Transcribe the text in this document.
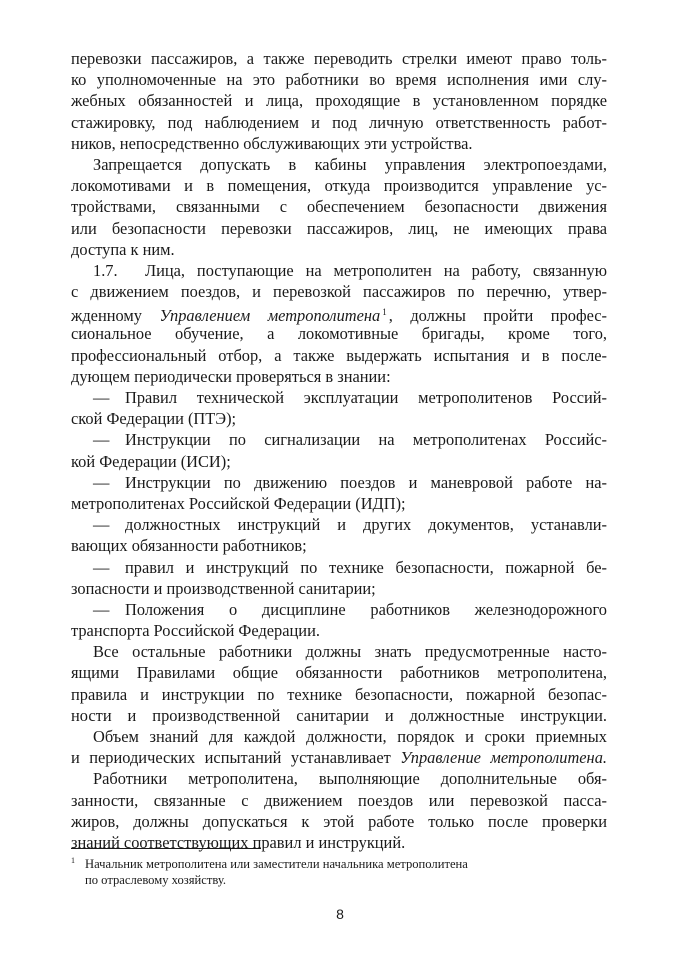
перевозки пассажиров, а также переводить стрелки имеют право толь-
ко уполномоченные на это работники во время исполнения ими слу-
жебных обязанностей и лица, проходящие в установленном порядке
стажировку, под наблюдением и под личную ответственность работ-
ников, непосредственно обслуживающих эти устройства.
Запрещается допускать в кабины управления электропоездами,
локомотивами и в помещения, откуда производится управление ус-
тройствами, связанными с обеспечением безопасности движения
или безопасности перевозки пассажиров, лиц, не имеющих права
доступа к ним.
1.7. Лица, поступающие на метрополитен на работу, связанную
с движением поездов, и перевозкой пассажиров по перечню, утвер-
жденному Управлением метрополитена $^1$ , должны пройти профес-
сиональное обучение, а локомотивные бригады, кроме того,
профессиональный отбор, а также выдержать испытания и в после-
дующем периодически проверяться в знании:
— Правил технической эксплуатации метрополитенов Россий-
ской Федерации (ПТЭ);
— Инструкции по сигнализации на метрополитенах Российс-
кой Федерации (ИСИ);
— Инструкции по движению поездов и маневровой работе на-
метрополитенах Российской Федерации (ИДП);
— должностных инструкций и других документов, устанавли-
вающих обязанности работников;
— правил и инструкций по технике безопасности, пожарной бе-
зопасности и производственной санитарии;
— Положения о дисциплине работников железнодорожного
транспорта Российской Федерации.
Все остальные работники должны знать предусмотренные насто-
ящими Правилами общие обязанности работников метрополитена,
правила и инструкции по технике безопасности, пожарной безопас-
ности и производственной санитарии и должностные инструкции.
Объем знаний для каждой должности, порядок и сроки приемных
и периодических испытаний устанавливает Управление метрополитена.
Работники метрополитена, выполняющие дополнительные обя-
занности, связанные с движением поездов или перевозкой пасса-
жиров, должны допускаться к этой работе только после проверки
знаний соответствующих правил и инструкций.
1 Начальник метрополитена или заместители начальника метрополитена
по отраслевому хозяйству.
8
